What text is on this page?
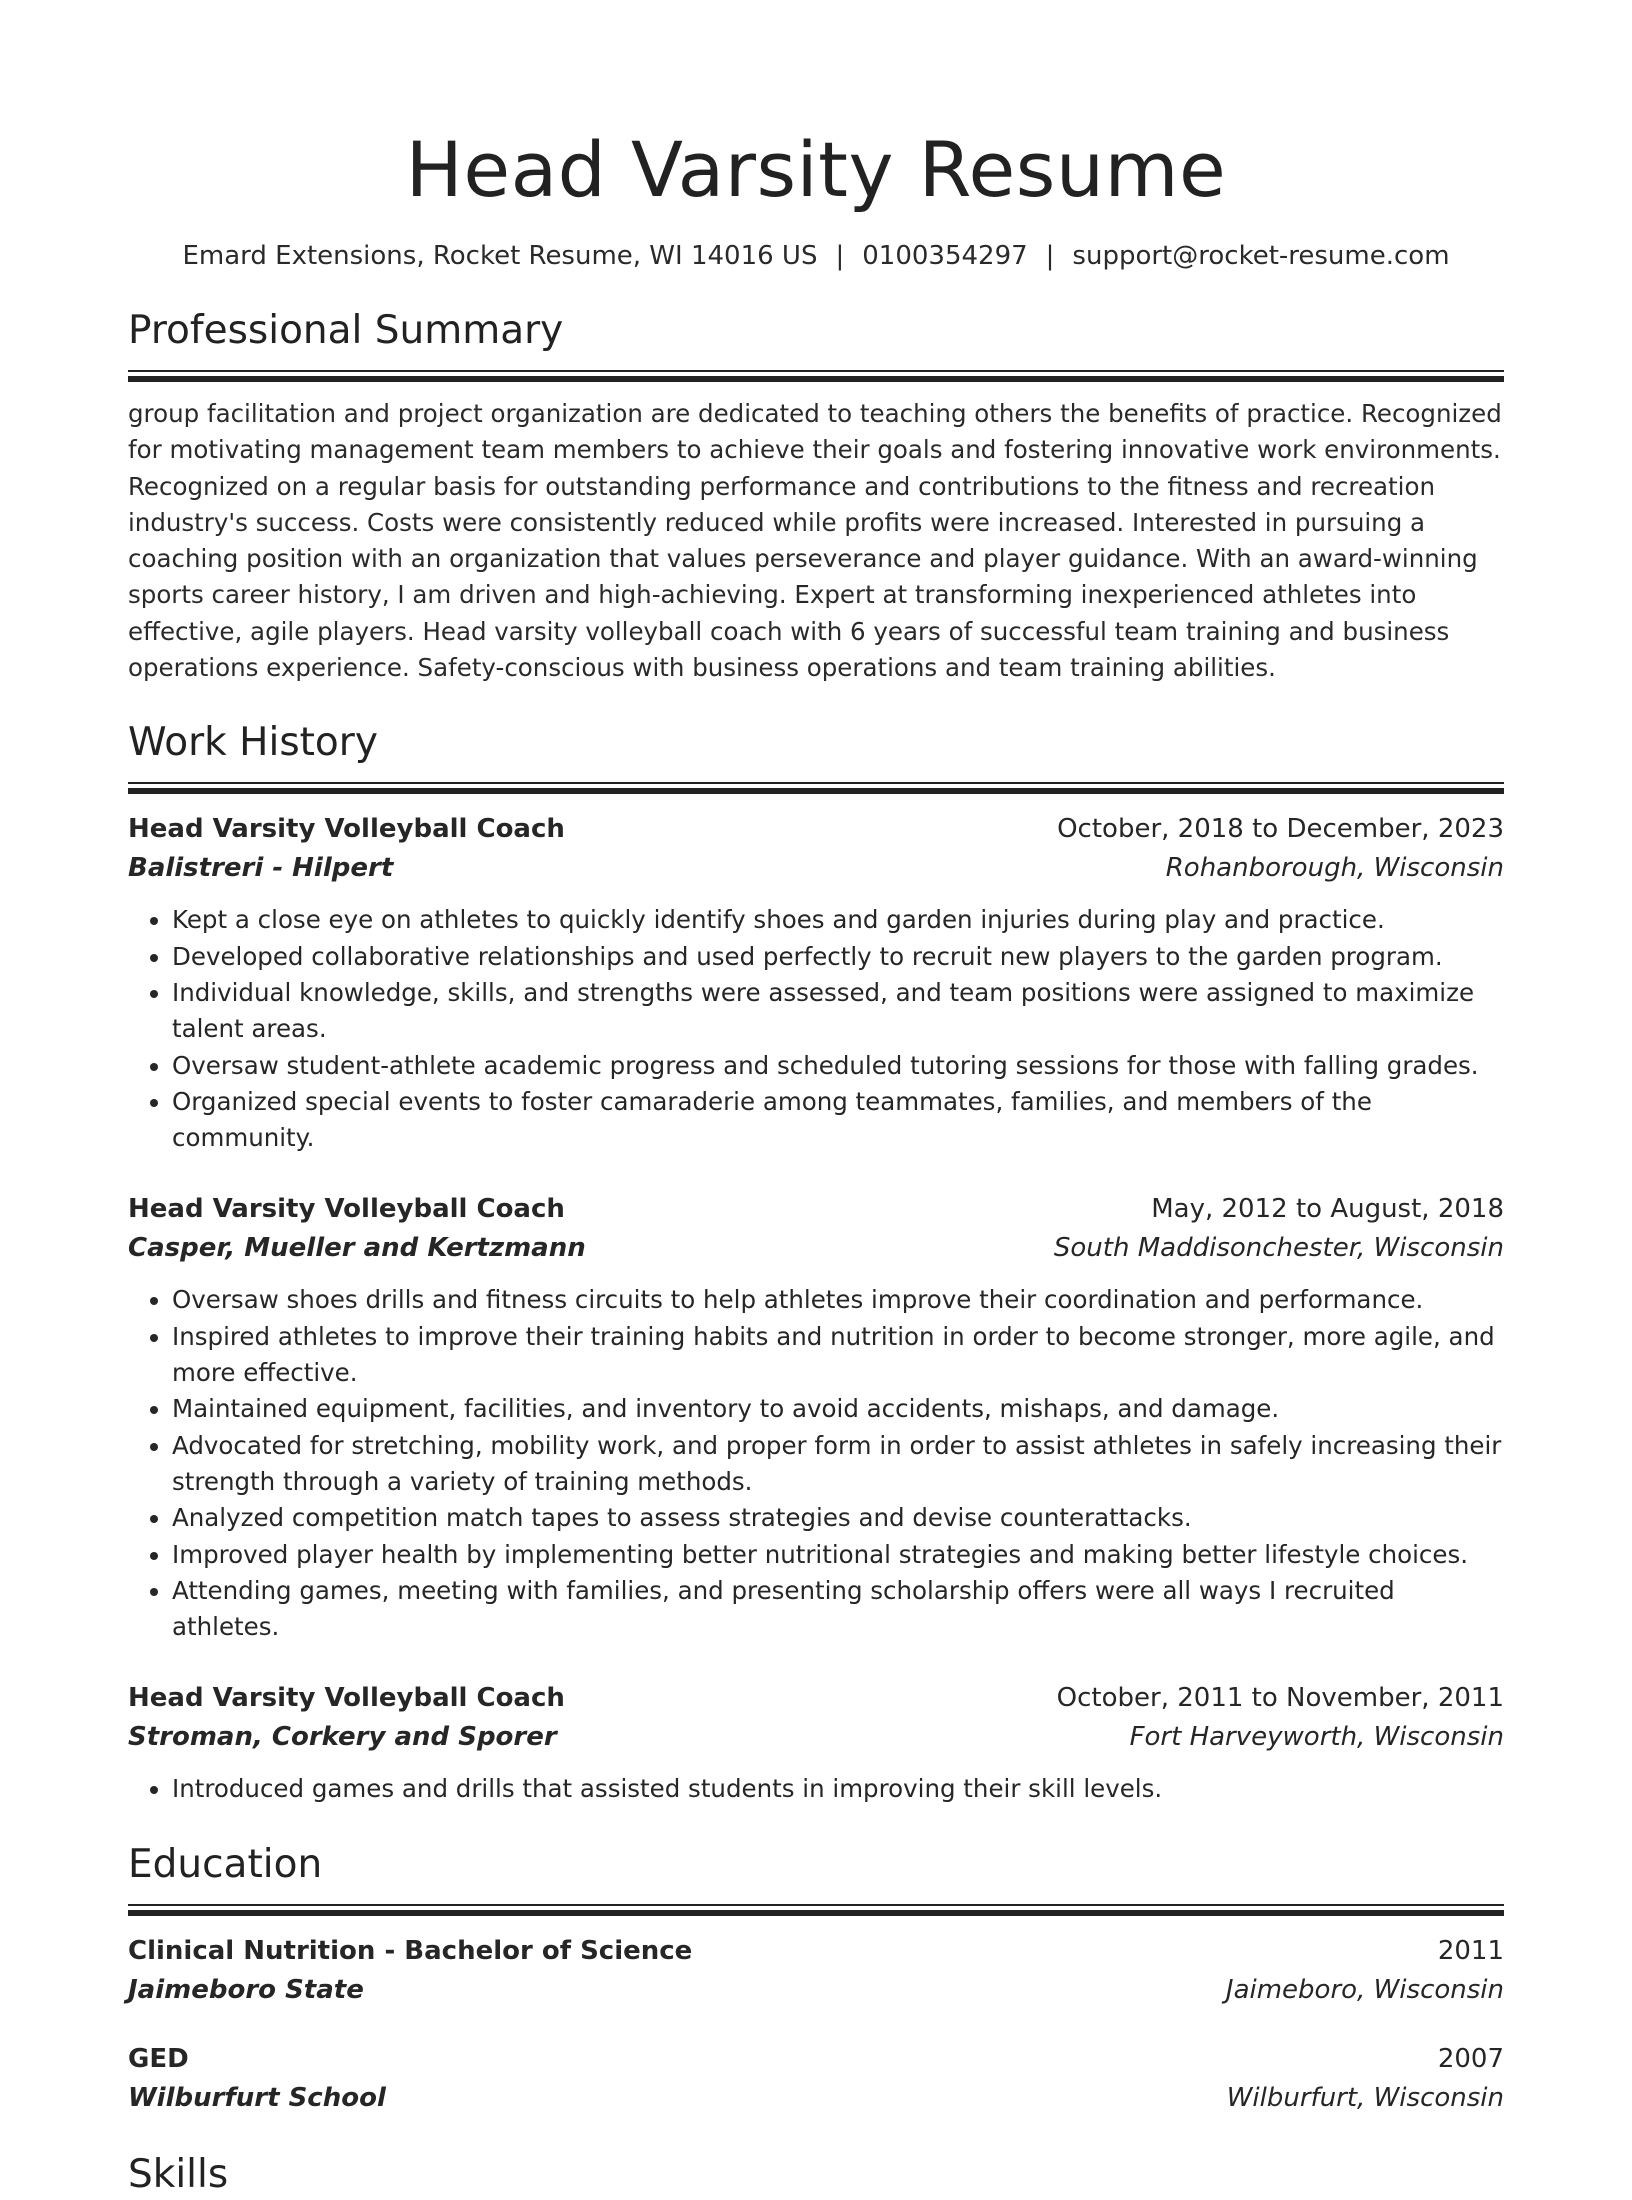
Head Varsity Resume
Emard Extensions, Rocket Resume, WI 14016 US | 0100354297 | support@rocket-resume.com
Professional Summary
group facilitation and project organization are dedicated to teaching others the benefits of practice. Recognized for motivating management team members to achieve their goals and fostering innovative work environments. Recognized on a regular basis for outstanding performance and contributions to the fitness and recreation industry's success. Costs were consistently reduced while profits were increased. Interested in pursuing a coaching position with an organization that values perseverance and player guidance. With an award-winning sports career history, I am driven and high-achieving. Expert at transforming inexperienced athletes into effective, agile players. Head varsity volleyball coach with 6 years of successful team training and business operations experience. Safety-conscious with business operations and team training abilities.
Work History
Head Varsity Volleyball Coach	October, 2018 to December, 2023
Balistreri - Hilpert	Rohanborough, Wisconsin
• Kept a close eye on athletes to quickly identify shoes and garden injuries during play and practice.
• Developed collaborative relationships and used perfectly to recruit new players to the garden program.
• Individual knowledge, skills, and strengths were assessed, and team positions were assigned to maximize talent areas.
• Oversaw student-athlete academic progress and scheduled tutoring sessions for those with falling grades.
• Organized special events to foster camaraderie among teammates, families, and members of the community.
Head Varsity Volleyball Coach	May, 2012 to August, 2018
Casper, Mueller and Kertzmann	South Maddisonchester, Wisconsin
• Oversaw shoes drills and fitness circuits to help athletes improve their coordination and performance.
• Inspired athletes to improve their training habits and nutrition in order to become stronger, more agile, and more effective.
• Maintained equipment, facilities, and inventory to avoid accidents, mishaps, and damage.
• Advocated for stretching, mobility work, and proper form in order to assist athletes in safely increasing their strength through a variety of training methods.
• Analyzed competition match tapes to assess strategies and devise counterattacks.
• Improved player health by implementing better nutritional strategies and making better lifestyle choices.
• Attending games, meeting with families, and presenting scholarship offers were all ways I recruited athletes.
Head Varsity Volleyball Coach	October, 2011 to November, 2011
Stroman, Corkery and Sporer	Fort Harveyworth, Wisconsin
• Introduced games and drills that assisted students in improving their skill levels.
Education
Clinical Nutrition - Bachelor of Science	2011
Jaimeboro State	Jaimeboro, Wisconsin
GED	2007
Wilburfurt School	Wilburfurt, Wisconsin
Skills
